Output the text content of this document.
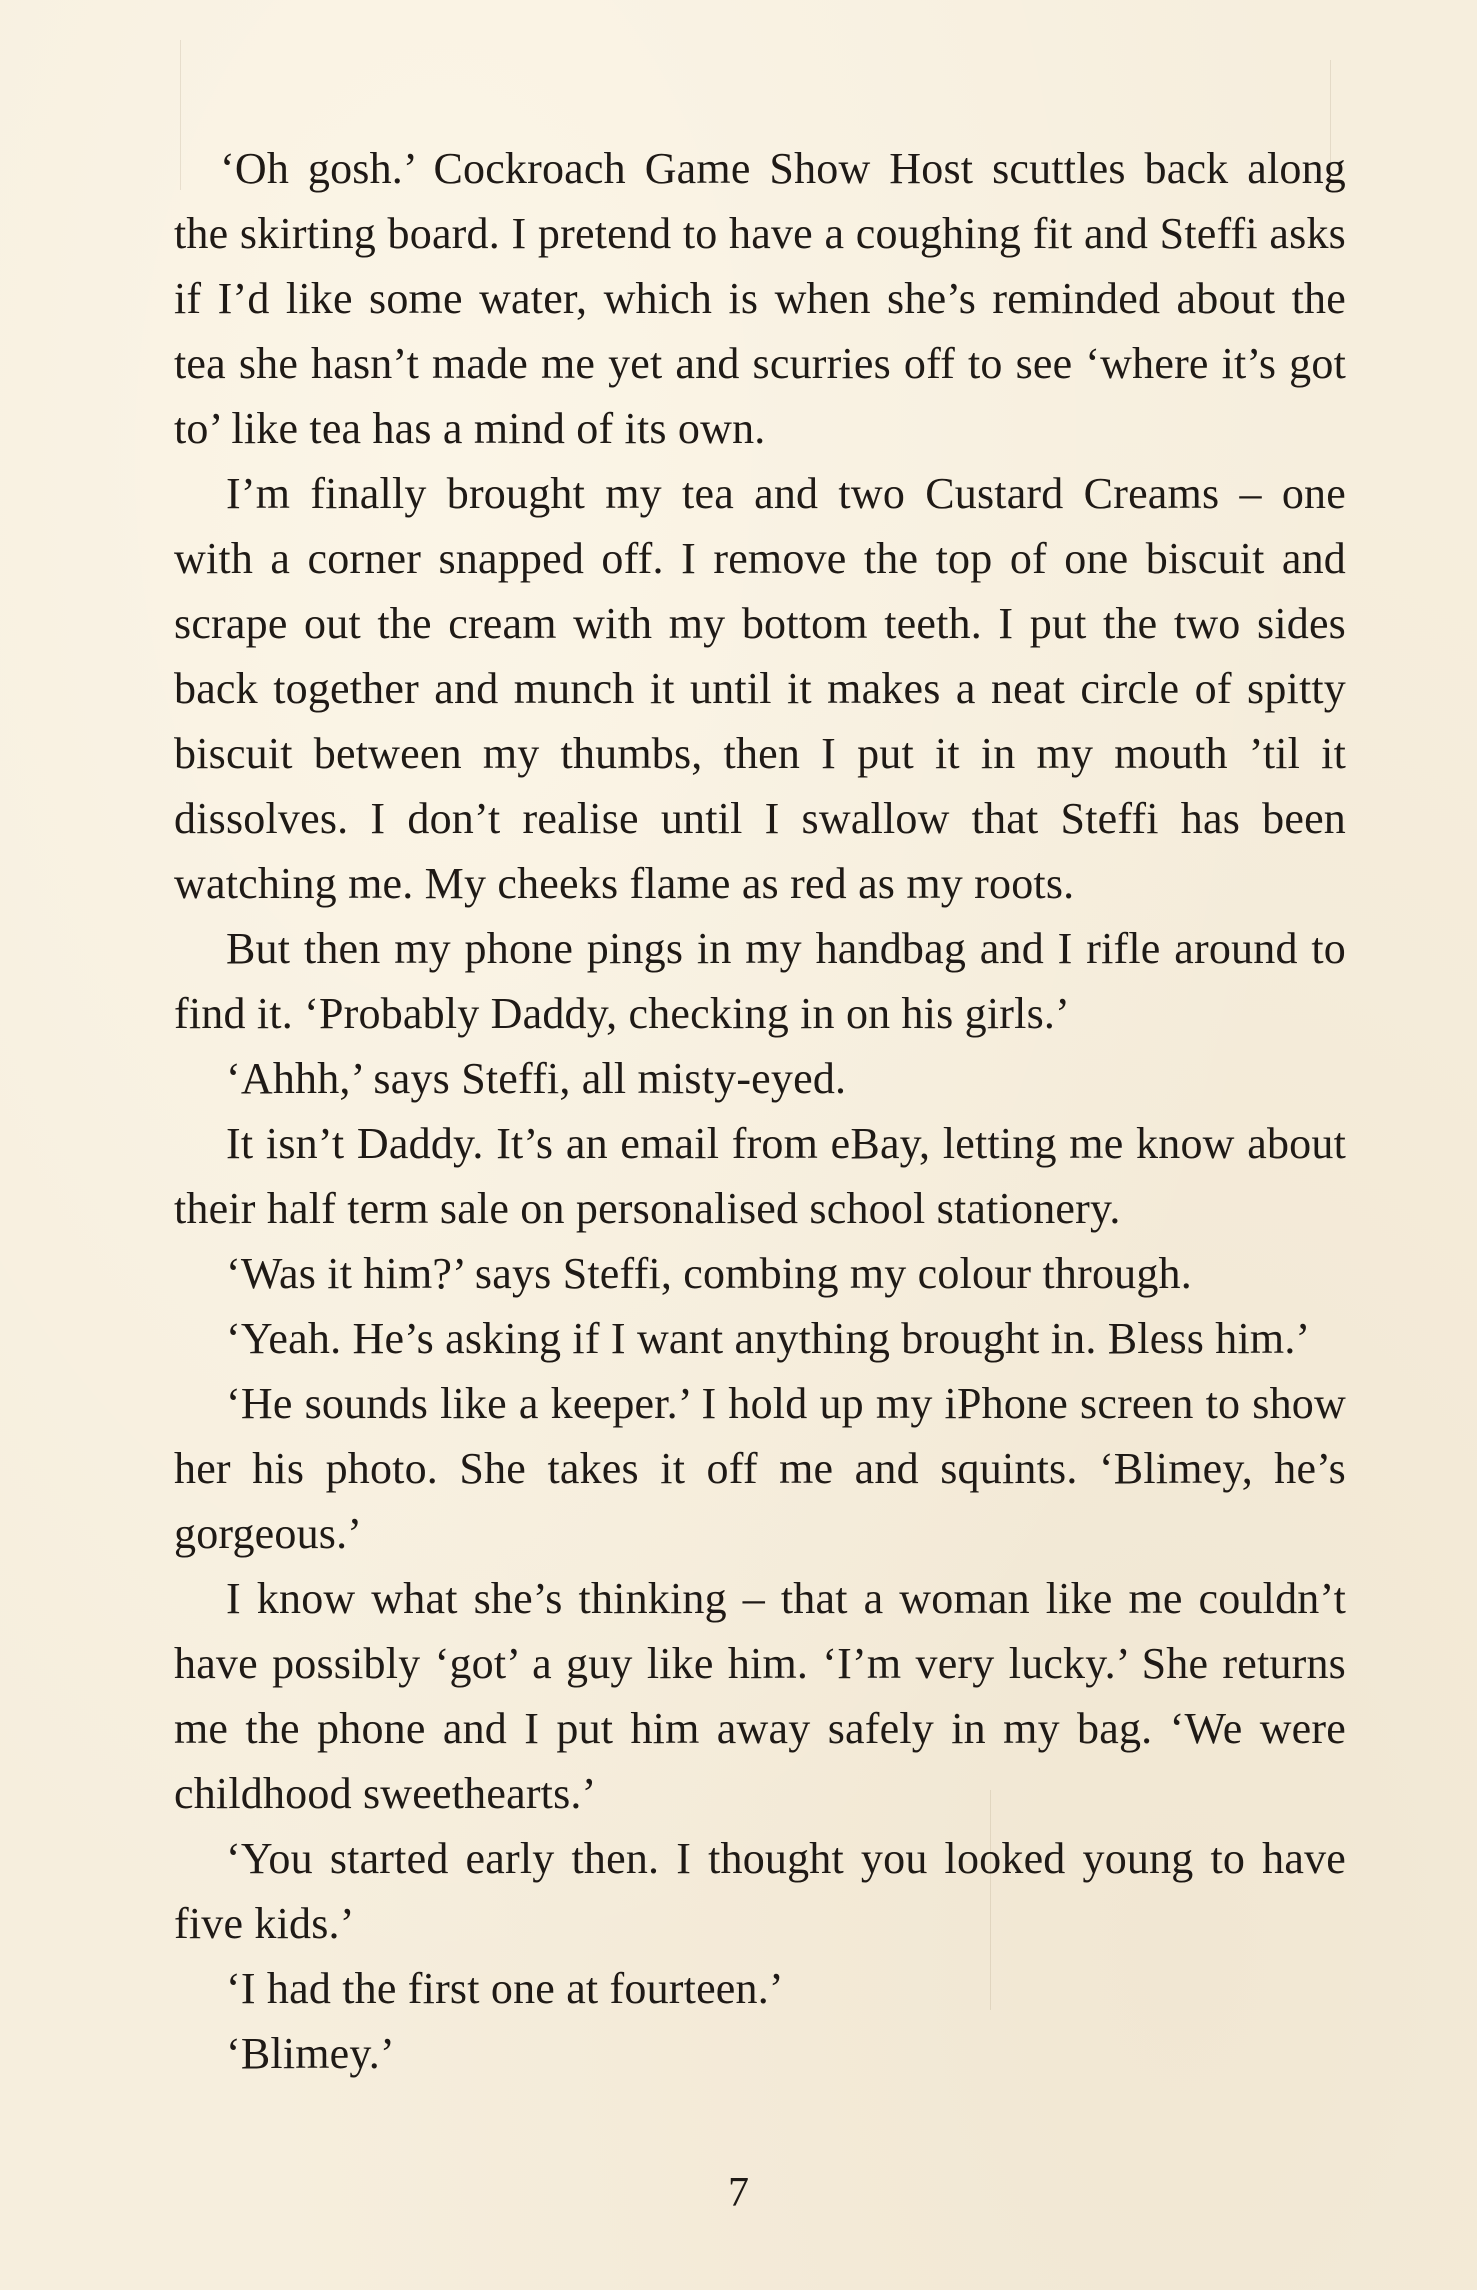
‘Oh gosh.’ Cockroach Game Show Host scuttles back along the skirting board. I pretend to have a coughing fit and Steffi asks if I’d like some water, which is when she’s reminded about the tea she hasn’t made me yet and scurries off to see ‘where it’s got to’ like tea has a mind of its own.

I’m finally brought my tea and two Custard Creams – one with a corner snapped off. I remove the top of one biscuit and scrape out the cream with my bottom teeth. I put the two sides back together and munch it until it makes a neat circle of spitty biscuit between my thumbs, then I put it in my mouth ’til it dissolves. I don’t realise until I swallow that Steffi has been watching me. My cheeks flame as red as my roots.

But then my phone pings in my handbag and I rifle around to find it. ‘Probably Daddy, checking in on his girls.’

‘Ahhh,’ says Steffi, all misty-eyed.

It isn’t Daddy. It’s an email from eBay, letting me know about their half term sale on personalised school stationery.

‘Was it him?’ says Steffi, combing my colour through.

‘Yeah. He’s asking if I want anything brought in. Bless him.’

‘He sounds like a keeper.’ I hold up my iPhone screen to show her his photo. She takes it off me and squints. ‘Blimey, he’s gorgeous.’

I know what she’s thinking – that a woman like me couldn’t have possibly ‘got’ a guy like him. ‘I’m very lucky.’ She returns me the phone and I put him away safely in my bag. ‘We were childhood sweethearts.’

‘You started early then. I thought you looked young to have five kids.’

‘I had the first one at fourteen.’

‘Blimey.’

7
